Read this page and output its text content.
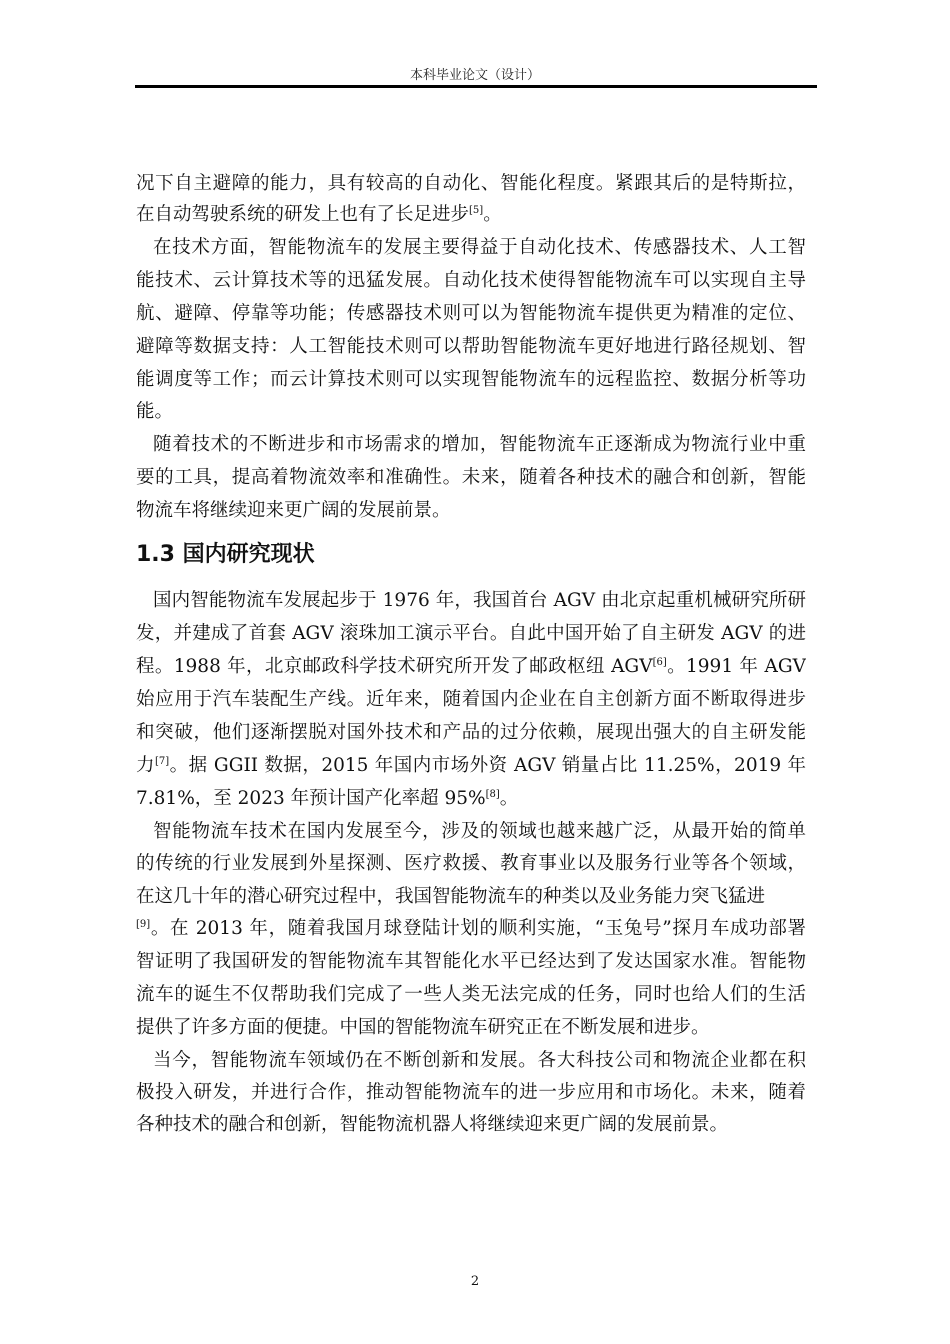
本科毕业论文（设计）
况下自主避障的能力，具有较高的自动化、智能化程度。紧跟其后的是特斯拉，
在自动驾驶系统的研发上也有了长足进步[5]。
在技术方面，智能物流车的发展主要得益于自动化技术、传感器技术、人工智
能技术、云计算技术等的迅猛发展。自动化技术使得智能物流车可以实现自主导
航、避障、停靠等功能；传感器技术则可以为智能物流车提供更为精准的定位、
避障等数据支持：人工智能技术则可以帮助智能物流车更好地进行路径规划、智
能调度等工作；而云计算技术则可以实现智能物流车的远程监控、数据分析等功
能。
随着技术的不断进步和市场需求的增加，智能物流车正逐渐成为物流行业中重
要的工具，提高着物流效率和准确性。未来，随着各种技术的融合和创新，智能
物流车将继续迎来更广阔的发展前景。
国内智能物流车发展起步于 1976 年，我国首台 AGV 由北京起重机械研究所研
发，并建成了首套 AGV 滚珠加工演示平台。自此中国开始了自主研发 AGV 的进
程。1988 年，北京邮政科学技术研究所开发了邮政枢纽 AGV[6]。1991 年 AGV
始应用于汽车装配生产线。近年来，随着国内企业在自主创新方面不断取得进步
和突破，他们逐渐摆脱对国外技术和产品的过分依赖，展现出强大的自主研发能
力[7]。据 GGII 数据，2015 年国内市场外资 AGV 销量占比 11.25%，2019 年
7.81%，至 2023 年预计国产化率超 95%[8]。
智能物流车技术在国内发展至今，涉及的领域也越来越广泛，从最开始的简单
的传统的行业发展到外星探测、医疗救援、教育事业以及服务行业等各个领域，
在这几十年的潜心研究过程中，我国智能物流车的种类以及业务能力突飞猛进
[9]。在 2013 年，随着我国月球登陆计划的顺利实施，“玉兔号”探月车成功部署
智证明了我国研发的智能物流车其智能化水平已经达到了发达国家水准。智能物
流车的诞生不仅帮助我们完成了一些人类无法完成的任务，同时也给人们的生活
提供了许多方面的便捷。中国的智能物流车研究正在不断发展和进步。
当今，智能物流车领域仍在不断创新和发展。各大科技公司和物流企业都在积
极投入研发，并进行合作，推动智能物流车的进一步应用和市场化。未来，随着
各种技术的融合和创新，智能物流机器人将继续迎来更广阔的发展前景。
1.3 国内研究现状
2
